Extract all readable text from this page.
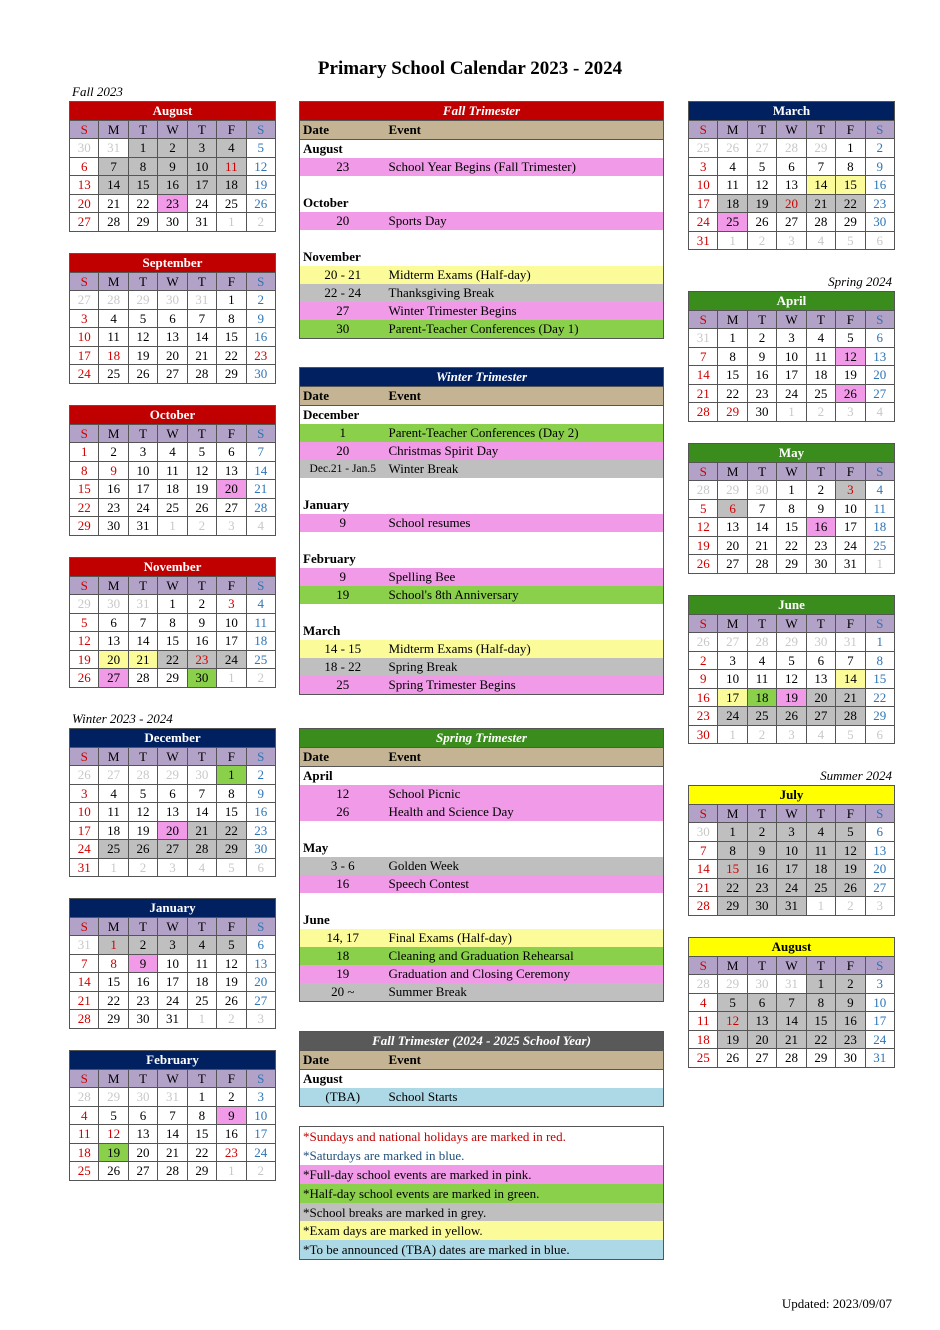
Primary School Calendar 2023 - 2024
Fall 2023
Winter 2023 - 2024
Spring 2024
Summer 2024
August						
S	M	T	W	T	F	S
30	31	1	2	3	4	5
6	7	8	9	10	11	12
13	14	15	16	17	18	19
20	21	22	23	24	25	26
27	28	29	30	31	1	2
September						
S	M	T	W	T	F	S
27	28	29	30	31	1	2
3	4	5	6	7	8	9
10	11	12	13	14	15	16
17	18	19	20	21	22	23
24	25	26	27	28	29	30
October						
S	M	T	W	T	F	S
1	2	3	4	5	6	7
8	9	10	11	12	13	14
15	16	17	18	19	20	21
22	23	24	25	26	27	28
29	30	31	1	2	3	4
November						
S	M	T	W	T	F	S
29	30	31	1	2	3	4
5	6	7	8	9	10	11
12	13	14	15	16	17	18
19	20	21	22	23	24	25
26	27	28	29	30	1	2
December						
S	M	T	W	T	F	S
26	27	28	29	30	1	2
3	4	5	6	7	8	9
10	11	12	13	14	15	16
17	18	19	20	21	22	23
24	25	26	27	28	29	30
31	1	2	3	4	5	6
January						
S	M	T	W	T	F	S
31	1	2	3	4	5	6
7	8	9	10	11	12	13
14	15	16	17	18	19	20
21	22	23	24	25	26	27
28	29	30	31	1	2	3
February						
S	M	T	W	T	F	S
28	29	30	31	1	2	3
4	5	6	7	8	9	10
11	12	13	14	15	16	17
18	19	20	21	22	23	24
25	26	27	28	29	1	2
March						
S	M	T	W	T	F	S
25	26	27	28	29	1	2
3	4	5	6	7	8	9
10	11	12	13	14	15	16
17	18	19	20	21	22	23
24	25	26	27	28	29	30
31	1	2	3	4	5	6
April						
S	M	T	W	T	F	S
31	1	2	3	4	5	6
7	8	9	10	11	12	13
14	15	16	17	18	19	20
21	22	23	24	25	26	27
28	29	30	1	2	3	4
May						
S	M	T	W	T	F	S
28	29	30	1	2	3	4
5	6	7	8	9	10	11
12	13	14	15	16	17	18
19	20	21	22	23	24	25
26	27	28	29	30	31	1
June						
S	M	T	W	T	F	S
26	27	28	29	30	31	1
2	3	4	5	6	7	8
9	10	11	12	13	14	15
16	17	18	19	20	21	22
23	24	25	26	27	28	29
30	1	2	3	4	5	6
July						
S	M	T	W	T	F	S
30	1	2	3	4	5	6
7	8	9	10	11	12	13
14	15	16	17	18	19	20
21	22	23	24	25	26	27
28	29	30	31	1	2	3
August						
S	M	T	W	T	F	S
28	29	30	31	1	2	3
4	5	6	7	8	9	10
11	12	13	14	15	16	17
18	19	20	21	22	23	24
25	26	27	28	29	30	31
Fall Trimester	
Date	Event
August	
23	School Year Begins (Fall Trimester)

October	
20	Sports Day

November	
20 - 21	Midterm Exams (Half-day)
22 - 24	Thanksgiving Break
27	Winter Trimester Begins
30	Parent-Teacher Conferences (Day 1)
Winter Trimester	
Date	Event
December	
1	Parent-Teacher Conferences (Day 2)
20	Christmas Spirit Day
Dec.21 - Jan.5	Winter Break

January	
9	School resumes

February	
9	Spelling Bee
19	School's 8th Anniversary

March	
14 - 15	Midterm Exams (Half-day)
18 - 22	Spring Break
25	Spring Trimester Begins
Spring Trimester	
Date	Event
April	
12	School Picnic
26	Health and Science Day

May	
3 - 6	Golden Week
16	Speech Contest

June	
14, 17	Final Exams (Half-day)
18	Cleaning and Graduation Rehearsal
19	Graduation and Closing Ceremony
20 ~	Summer Break
Fall Trimester (2024 - 2025 School Year)	
Date	Event
August	
(TBA)	School Starts
*Sundays and national holidays are marked in red.
*Saturdays are marked in blue.
*Full-day school events are marked in pink.
*Half-day school events are marked in green.
*School breaks are marked in grey.
*Exam days are marked in yellow.
*To be announced (TBA) dates are marked in blue.
Updated: 2023/09/07
